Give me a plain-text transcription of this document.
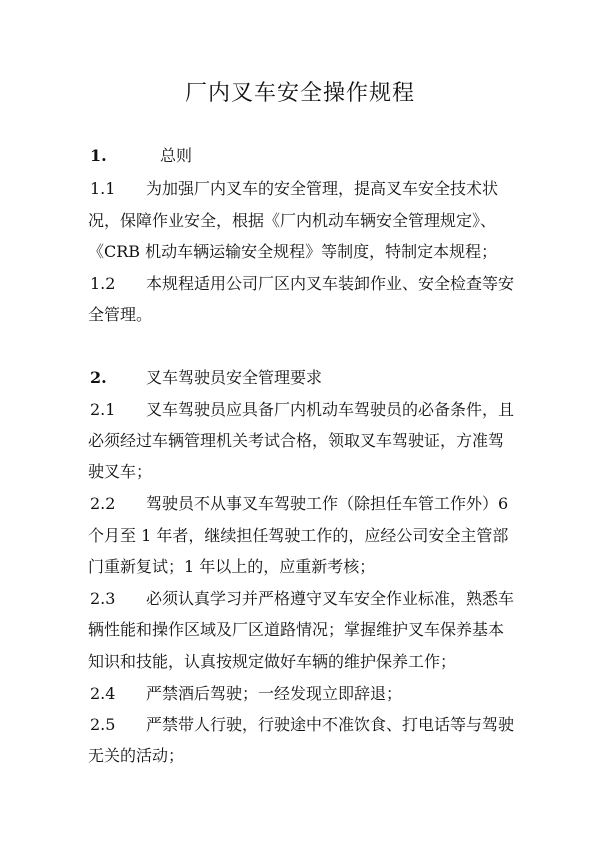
厂内叉车安全操作规程
1.	总则
1.1 为加强厂内叉车的安全管理，提高叉车安全技术状
况，保障作业安全，根据《厂内机动车辆安全管理规定》、
《CRB 机动车辆运输安全规程》等制度，特制定本规程；
1.2 本规程适用公司厂区内叉车装卸作业、安全检查等安
全管理。
2. 叉车驾驶员安全管理要求
2.1 叉车驾驶员应具备厂内机动车驾驶员的必备条件，且
必须经过车辆管理机关考试合格，领取叉车驾驶证，方准驾
驶叉车；
2.2 驾驶员不从事叉车驾驶工作（除担任车管工作外）6
个月至 1 年者，继续担任驾驶工作的，应经公司安全主管部
门重新复试；1 年以上的，应重新考核；
2.3 必须认真学习并严格遵守叉车安全作业标准，熟悉车
辆性能和操作区域及厂区道路情况；掌握维护叉车保养基本
知识和技能，认真按规定做好车辆的维护保养工作；
2.4 严禁酒后驾驶；一经发现立即辞退；
2.5 严禁带人行驶，行驶途中不准饮食、打电话等与驾驶
无关的活动；
